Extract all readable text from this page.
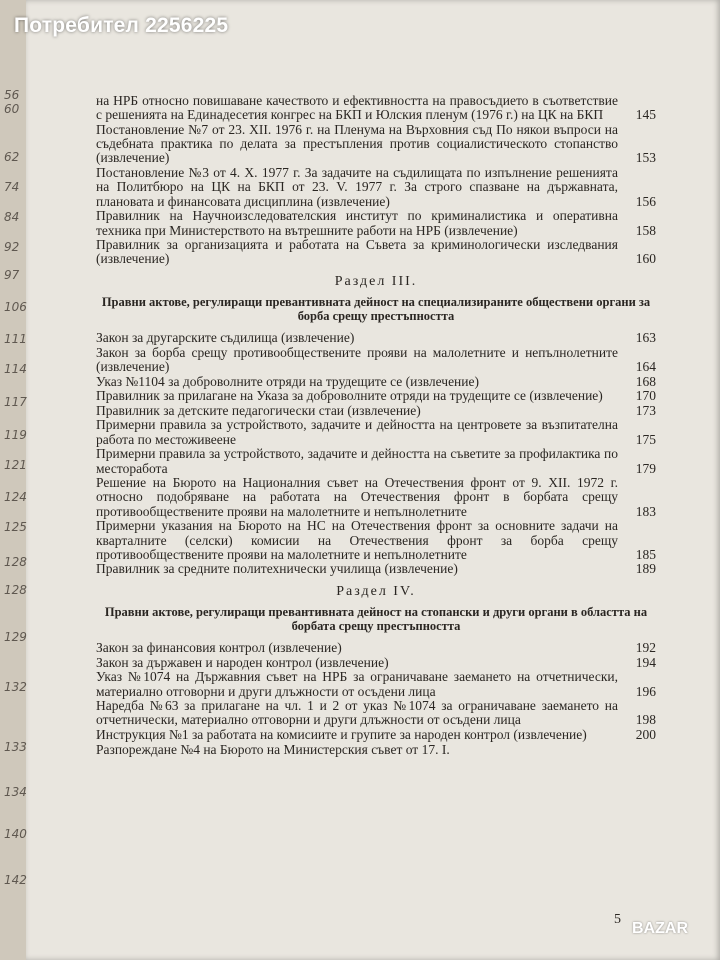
на НРБ относно повишаване качеството и ефективността на правосъдието в съответствие с решенията на Единадесетия конгрес на БКП и Юлския пленум (1976 г.) на ЦК на БКП	145
Постановление №7 от 23. XII. 1976 г. на Пленума на Върховния съд По някои въпроси на съдебната практика по делата за престъпления против социалистическото стопанство (извлечение)	153
Постановление №3 от 4. X. 1977 г. За задачите на съдилищата по изпълнение решенията на Политбюро на ЦК на БКП от 23. V. 1977 г. За строго спазване на държавната, плановата и финансовата дисциплина (извлечение)	156
Правилник на Научноизследователския институт по криминалистика и оперативна техника при Министерството на вътрешните работи на НРБ (извлечение)	158
Правилник за организацията и работата на Съвета за криминологически изследвания (извлечение)	160
Раздел III.
Правни актове, регулиращи превантивната дейност на специализираните обществени органи за борба срещу престъпността
Закон за другарските съдилища (извлечение)	163
Закон за борба срещу противообществените прояви на малолетните и непълнолетните (извлечение)	164
Указ №1104 за доброволните отряди на трудещите се (извлечение)	168
Правилник за прилагане на Указа за доброволните отряди на трудещите се (извлечение)	170
Правилник за детските педагогически стаи (извлечение)	173
Примерни правила за устройството, задачите и дейността на центровете за възпитателна работа по местоживеене	175
Примерни правила за устройството, задачите и дейността на съветите за профилактика по месторабота	179
Решение на Бюрото на Националния съвет на Отечествения фронт от 9. XII. 1972 г. относно подобряване на работата на Отечествения фронт в борбата срещу противообществените прояви на малолетните и непълнолетните	183
Примерни указания на Бюрото на НС на Отечествения фронт за основните задачи на кварталните (селски) комисии на Отечествения фронт за борба срещу противообществените прояви на малолетните и непълнолетните	185
Правилник за средните политехнически училища (извлечение)	189
Раздел IV.
Правни актове, регулиращи превантивната дейност на стопански и други органи в областта на борбата срещу престъпността
Закон за финансовия контрол (извлечение)	192
Закон за държавен и народен контрол (извлечение)	194
Указ №1074 на Държавния съвет на НРБ за ограничаване заемането на отчетнически, материално отговорни и други длъжности от осъдени лица	196
Наредба №63 за прилагане на чл. 1 и 2 от указ №1074 за ограничаване заемането на отчетнически, материално отговорни и други длъжности от осъдени лица	198
Инструкция №1 за работата на комисиите и групите за народен контрол (извлечение)	200
Разпореждане №4 на Бюрото на Министерския съвет от 17. I.
56
60
62
74
84
92
97
106
111
114
117
119
121
124
125
128
128
129
132
133
134
140
142
Потребител 2256225
5
BAZAR
